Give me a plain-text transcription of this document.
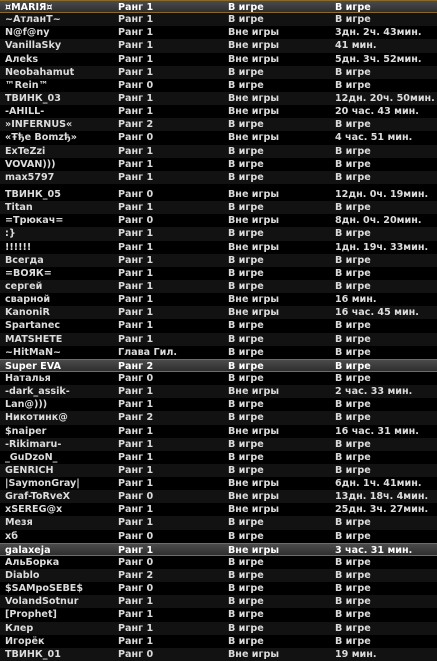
¤MARIЯ¤	Ранг 1	В игре	В игре
~AтлaнT~	Ранг 1	В игре	В игре
N@f@ny	Ранг 1	Вне игры	3дн. 2ч. 43мин.
VanillaSky	Ранг 1	Вне игры	41 мин.
Aлeks	Ранг 1	Вне игры	5дн. 3ч. 52мин.
Neobahamut	Ранг 1	В игре	В игре
™Rein™	Ранг 0	В игре	В игре
ТВИНК_03	Ранг 1	Вне игры	12дн. 20ч. 50мин.
-AHILL-	Ранг 1	Вне игры	20 час. 43 мин.
»INFERNUS«	Ранг 2	В игре	В игре
«Ŧђe Bomzђ»	Ранг 0	Вне игры	4 час. 51 мин.
ExTeZzi	Ранг 1	В игре	В игре
VOVAN)))	Ранг 1	В игре	В игре
max5797	Ранг 1	В игре	В игре
ТВИНК_05	Ранг 0	Вне игры	12дн. 0ч. 19мин.
Titan	Ранг 1	В игре	В игре
=Трюкач=	Ранг 0	Вне игры	8дн. 0ч. 20мин.
:}	Ранг 1	В игре	В игре
!!!!!!	Ранг 1	Вне игры	1дн. 19ч. 33мин.
Всегда	Ранг 1	В игре	В игре
=ВОЯК=	Ранг 1	В игре	В игре
сергей	Ранг 1	В игре	В игре
сварной	Ранг 1	Вне игры	16 мин.
KanoniR	Ранг 1	Вне игры	16 час. 45 мин.
Spartanec	Ранг 1	В игре	В игре
MATSHETE	Ранг 1	В игре	В игре
~HitMaN~	Глава Гил.	В игре	В игре
Super EVA	Ранг 2	В игре	В игре
Наталья	Ранг 0	В игре	В игре
-dark_assik-	Ранг 1	Вне игры	2 час. 33 мин.
Lan@)))	Ранг 1	В игре	В игре
Никотинк@	Ранг 2	В игре	В игре
$naiper	Ранг 1	Вне игры	16 час. 31 мин.
-Rikimaru-	Ранг 1	В игре	В игре
_GuDzoN_	Ранг 1	В игре	В игре
GENRICH	Ранг 1	В игре	В игре
|SaymonGray|	Ранг 1	Вне игры	6дн. 1ч. 41мин.
Graf-ToRveX	Ранг 0	Вне игры	13дн. 18ч. 4мин.
xSEREG@x	Ранг 1	Вне игры	25дн. 3ч. 27мин.
Мезя	Ранг 1	В игре	В игре
xб	Ранг 0	В игре	В игре
galaxeja	Ранг 1	Вне игры	3 час. 31 мин.
АльБорка	Ранг 0	В игре	В игре
Diablo	Ранг 2	В игре	В игре
$SAMpoSEBE$	Ранг 0	В игре	В игре
VolandSotnur	Ранг 1	В игре	В игре
[Prophet]	Ранг 1	В игре	В игре
Клер	Ранг 1	В игре	В игре
Игорёк	Ранг 1	В игре	В игре
ТВИНК_01	Ранг 0	Вне игры	19 мин.
